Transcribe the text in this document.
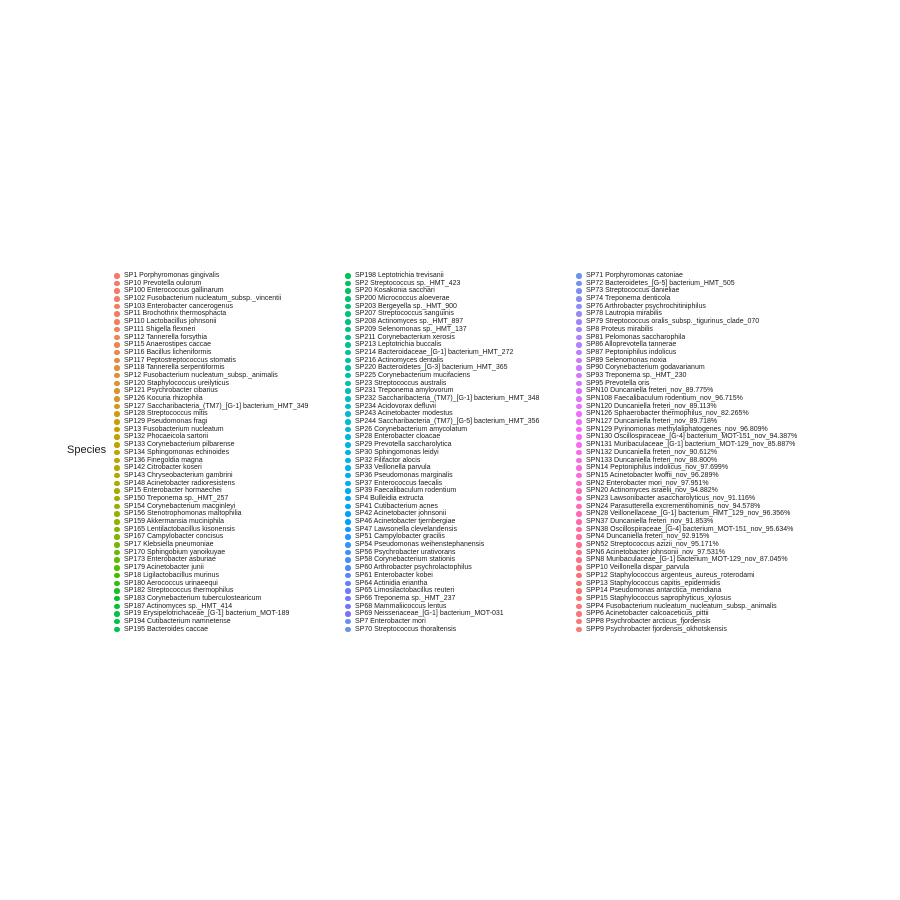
Species
SP1 Porphyromonas gingivalis
SP10 Prevotella oulorum
SP100 Enterococcus gallinarum
SP102 Fusobacterium nucleatum_subsp._vincentii
SP103 Enterobacter cancerogenus
SP11 Brochothrix thermosphacta
SP110 Lactobacillus johnsonii
SP111 Shigella flexneri
SP112 Tannerella forsythia
SP115 Anaerostipes caccae
SP116 Bacillus licheniformis
SP117 Peptostreptococcus stomatis
SP118 Tannerella serpentiformis
SP12 Fusobacterium nucleatum_subsp._animalis
SP120 Staphylococcus ureilyticus
SP121 Psychrobacter cibarius
SP126 Kocuria rhizophila
SP127 Saccharibacteria_(TM7)_[G-1] bacterium_HMT_349
SP128 Streptococcus mitis
SP129 Pseudomonas fragi
SP13 Fusobacterium nucleatum
SP132 Phocaeicola sartorii
SP133 Corynebacterium pilbarense
SP134 Sphingomonas echinoides
SP136 Finegoldia magna
SP142 Citrobacter koseri
SP143 Chryseobacterium gambrini
SP148 Acinetobacter radioresistens
SP15 Enterobacter hormaechei
SP150 Treponema sp._HMT_257
SP154 Corynebacterium macginleyi
SP156 Stenotrophomonas maltophilia
SP159 Akkermansia muciniphila
SP165 Lentilactobacillus kisonensis
SP167 Campylobacter concisus
SP17 Klebsiella pneumoniae
SP170 Sphingobium yanoikuyae
SP173 Enterobacter asburiae
SP179 Acinetobacter junii
SP18 Ligilactobacillus murinus
SP180 Aerococcus urinaeequi
SP182 Streptococcus thermophilus
SP183 Corynebacterium tuberculostearicum
SP187 Actinomyces sp._HMT_414
SP19 Erysipelotrichaceae_[G-1] bacterium_MOT-189
SP194 Cutibacterium namnetense
SP195 Bacteroides caccae
SP198 Leptotrichia trevisanii
SP2 Streptococcus sp._HMT_423
SP20 Kosakonia sacchari
SP200 Micrococcus aloeverae
SP203 Bergeyella sp._HMT_900
SP207 Streptococcus sanguinis
SP208 Actinomyces sp._HMT_897
SP209 Selenomonas sp._HMT_137
SP211 Corynebacterium xerosis
SP213 Leptotrichia buccalis
SP214 Bacteroidaceae_[G-1] bacterium_HMT_272
SP216 Actinomyces dentalis
SP220 Bacteroidetes_[G-3] bacterium_HMT_365
SP225 Corynebacterium mucifaciens
SP23 Streptococcus australis
SP231 Treponema amylovorum
SP232 Saccharibacteria_(TM7)_[G-1] bacterium_HMT_348
SP234 Acidovorax defluvii
SP243 Acinetobacter modestus
SP244 Saccharibacteria_(TM7)_[G-5] bacterium_HMT_356
SP26 Corynebacterium amycolatum
SP28 Enterobacter cloacae
SP29 Prevotella saccharolytica
SP30 Sphingomonas leidyi
SP32 Filifactor alocis
SP33 Veillonella parvula
SP36 Pseudomonas marginalis
SP37 Enterococcus faecalis
SP39 Faecalibaculum rodentium
SP4 Bulleidia extructa
SP41 Cutibacterium acnes
SP42 Acinetobacter johnsonii
SP46 Acinetobacter tjernbergiae
SP47 Lawsonella clevelandensis
SP51 Campylobacter gracilis
SP54 Pseudomonas weihenstephanensis
SP56 Psychrobacter urativorans
SP58 Corynebacterium stationis
SP60 Arthrobacter psychrolactophilus
SP61 Enterobacter kobei
SP64 Actinidia eriantha
SP65 Limosilactobacillus reuteri
SP66 Treponema sp._HMT_237
SP68 Mammaliicoccus lentus
SP69 Neisseriaceae_[G-1] bacterium_MOT-031
SP7 Enterobacter mori
SP70 Streptococcus thoraltensis
SP71 Porphyromonas catoniae
SP72 Bacteroidetes_[G-5] bacterium_HMT_505
SP73 Streptococcus danieliae
SP74 Treponema denticola
SP76 Arthrobacter psychrochitiniphilus
SP78 Lautropia mirabilis
SP79 Streptococcus oralis_subsp._tigurinus_clade_070
SP8 Proteus mirabilis
SP81 Pelomonas saccharophila
SP86 Alloprevotella tannerae
SP87 Peptoniphilus indolicus
SP89 Selenomonas noxia
SP90 Corynebacterium godavarianum
SP93 Treponema sp._HMT_230
SP95 Prevotella oris
SPN10 Duncaniella freteri_nov_89.775%
SPN108 Faecalibaculum rodentium_nov_96.715%
SPN120 Duncaniella freteri_nov_89.113%
SPN126 Sphaerobacter thermophilus_nov_82.265%
SPN127 Duncaniella freteri_nov_89.718%
SPN129 Pyrinomonas methylaliphatogenes_nov_96.809%
SPN130 Oscillospiraceae_[G-4] bacterium_MOT-151_nov_94.387%
SPN131 Muribaculaceae_[G-1] bacterium_MOT-129_nov_85.887%
SPN132 Duncaniella freteri_nov_90.612%
SPN133 Duncaniella freteri_nov_88.800%
SPN14 Peptoniphilus indolicus_nov_97.699%
SPN15 Acinetobacter lwoffii_nov_96.289%
SPN2 Enterobacter mori_nov_97.951%
SPN20 Actinomyces israelii_nov_94.882%
SPN23 Lawsonibacter asaccharolyticus_nov_91.116%
SPN24 Parasutterella excrementihominis_nov_94.578%
SPN28 Veillonellaceae_[G-1] bacterium_HMT_129_nov_96.356%
SPN37 Duncaniella freteri_nov_91.853%
SPN38 Oscillospiraceae_[G-4] bacterium_MOT-151_nov_95.634%
SPN4 Duncaniella freteri_nov_92.915%
SPN52 Streptococcus azizii_nov_95.171%
SPN6 Acinetobacter johnsonii_nov_97.531%
SPN8 Muribaculaceae_[G-1] bacterium_MOT-129_nov_87.045%
SPP10 Veillonella dispar_parvula
SPP12 Staphylococcus argenteus_aureus_roterodami
SPP13 Staphylococcus capitis_epidermidis
SPP14 Pseudomonas antarctica_meridiana
SPP15 Staphylococcus saprophyticus_xylosus
SPP4 Fusobacterium nucleatum_nucleatum_subsp._animalis
SPP6 Acinetobacter calcoaceticus_pittii
SPP8 Psychrobacter arcticus_fjordensis
SPP9 Psychrobacter fjordensis_okhotskensis
